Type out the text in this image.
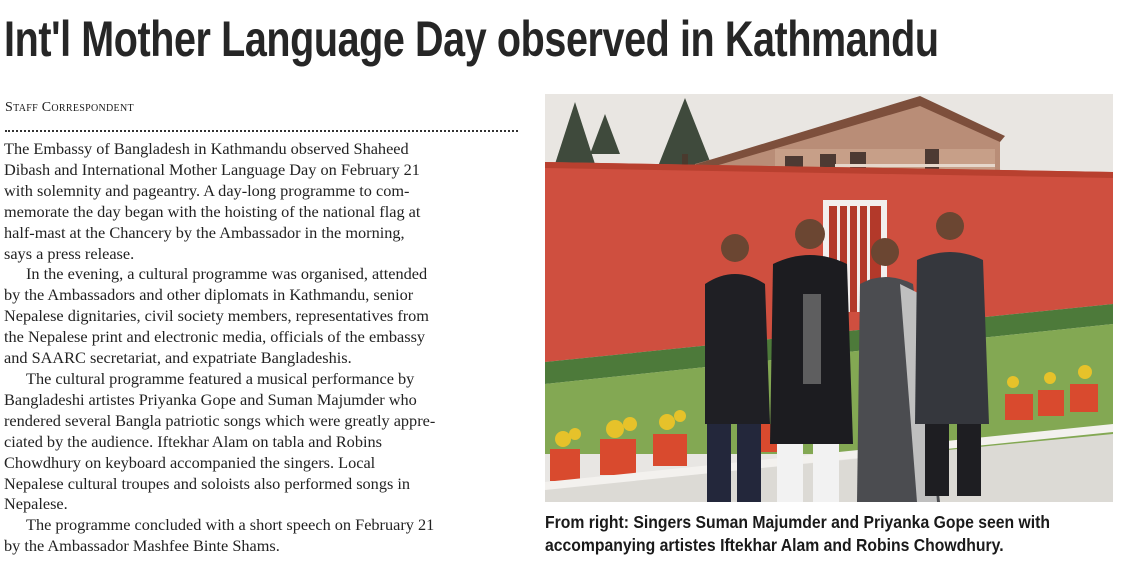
Int'l Mother Language Day observed in Kathmandu
Staff Correspondent

The Embassy of Bangladesh in Kathmandu observed Shaheed
Dibash and International Mother Language Day on February 21
with solemnity and pageantry. A day-long programme to com-
memorate the day began with the hoisting of the national flag at
half-mast at the Chancery by the Ambassador in the morning,
says a press release.

In the evening, a cultural programme was organised, attended
by the Ambassadors and other diplomats in Kathmandu, senior
Nepalese dignitaries, civil society members, representatives from
the Nepalese print and electronic media, officials of the embassy
and SAARC secretariat, and expatriate Bangladeshis.

The cultural programme featured a musical performance by
Bangladeshi artistes Priyanka Gope and Suman Majumder who
rendered several Bangla patriotic songs which were greatly appre-
ciated by the audience. Iftekhar Alam on tabla and Robins
Chowdhury on keyboard accompanied the singers. Local
Nepalese cultural troupes and soloists also performed songs in
Nepalese.

The programme concluded with a short speech on February 21
by the Ambassador Mashfee Binte Shams.

From right: Singers Suman Majumder and Priyanka Gope seen with
accompanying artistes Iftekhar Alam and Robins Chowdhury.
